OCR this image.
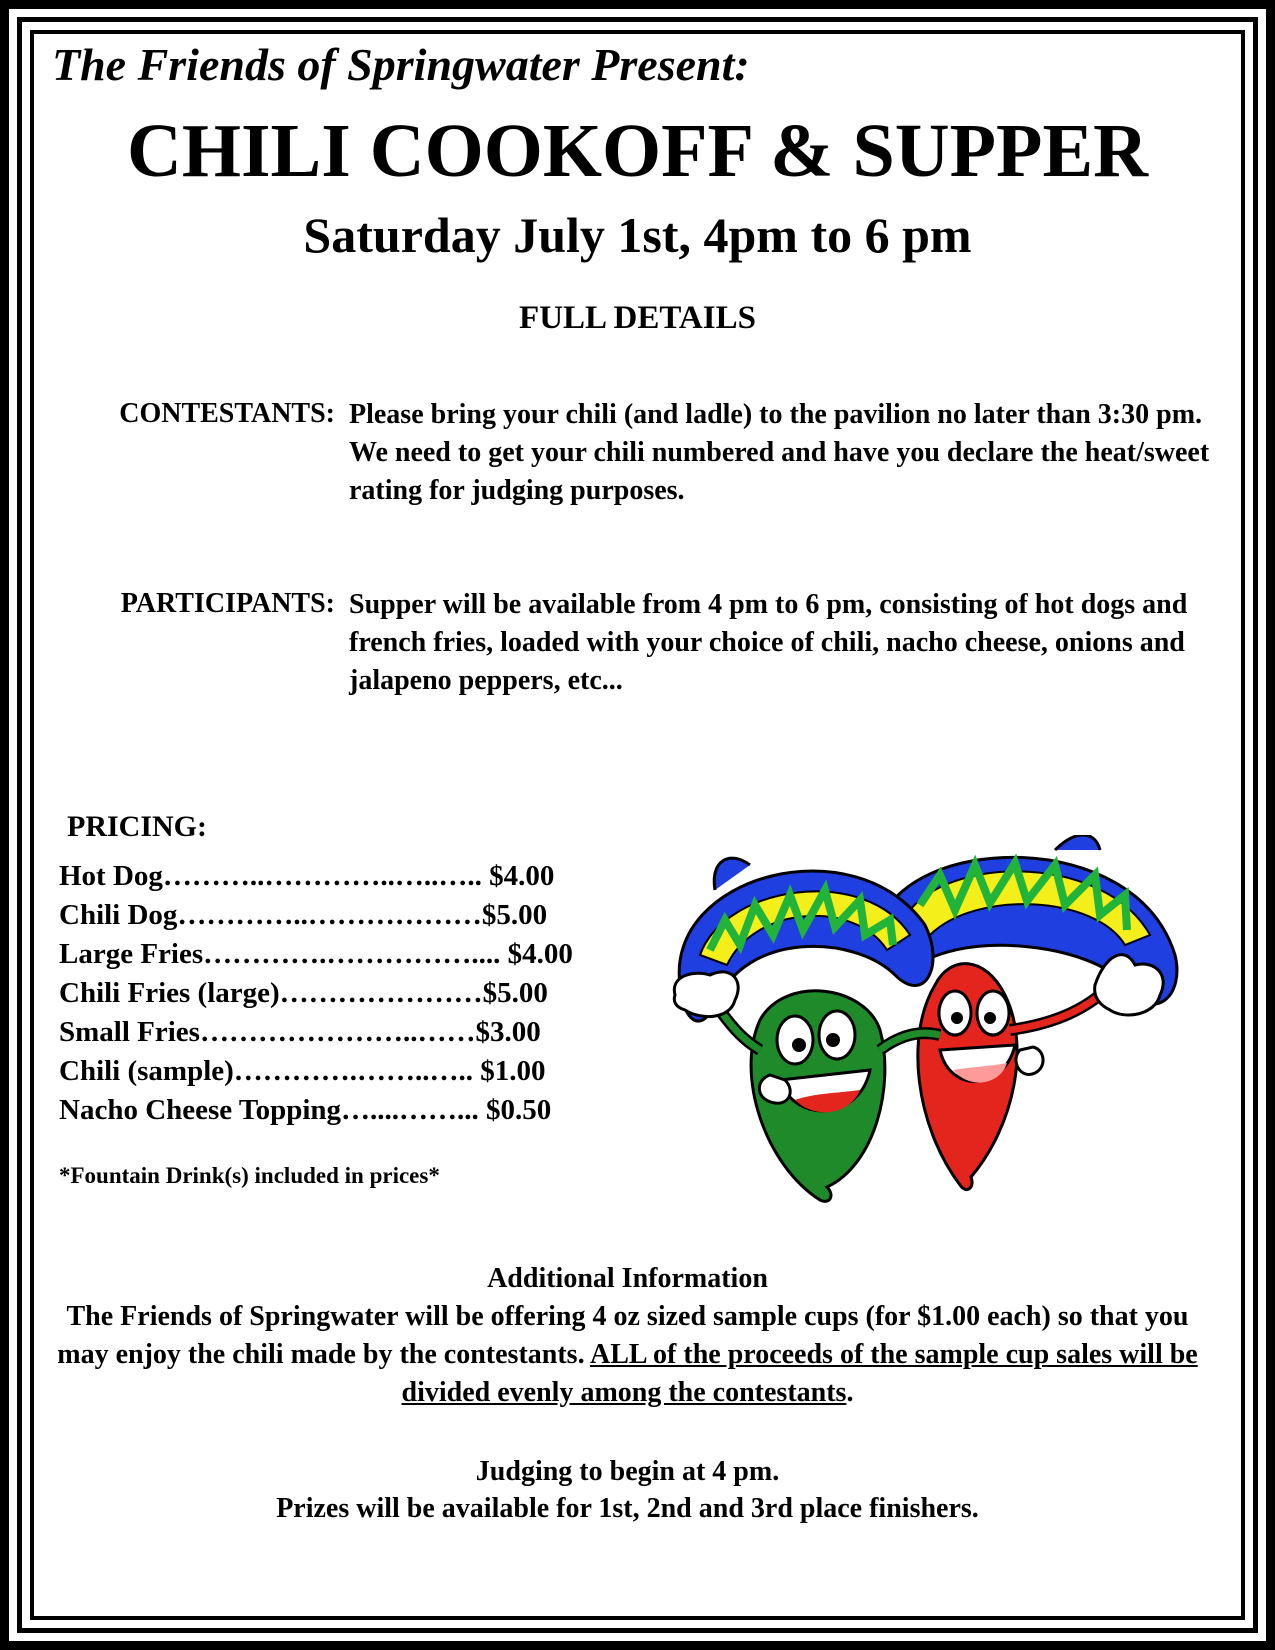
The Friends of Springwater Present:
CHILI COOKOFF & SUPPER
Saturday July 1st, 4pm to 6 pm
FULL DETAILS
CONTESTANTS: Please bring your chili (and ladle) to the pavilion no later than 3:30 pm. We need to get your chili numbered and have you declare the heat/sweet rating for judging purposes.
PARTICIPANTS: Supper will be available from 4 pm to 6 pm, consisting of hot dogs and french fries, loaded with your choice of chili, nacho cheese, onions and jalapeno peppers, etc...
PRICING:
Hot Dog………..…………..…..….. $4.00
Chili Dog…………..………………$5.00
Large Fries………….…………….... $4.00
Chili Fries (large)…………………$5.00
Small Fries…………………..……$3.00
Chili (sample)………….……..….. $1.00
Nacho Cheese Topping…....……... $0.50
*Fountain Drink(s) included in prices*

Additional Information

The Friends of Springwater will be offering 4 oz sized sample cups (for $1.00 each) so that you may enjoy the chili made by the contestants. ALL of the proceeds of the sample cup sales will be divided evenly among the contestants.

Judging to begin at 4 pm.

Prizes will be available for 1st, 2nd and 3rd place finishers.
